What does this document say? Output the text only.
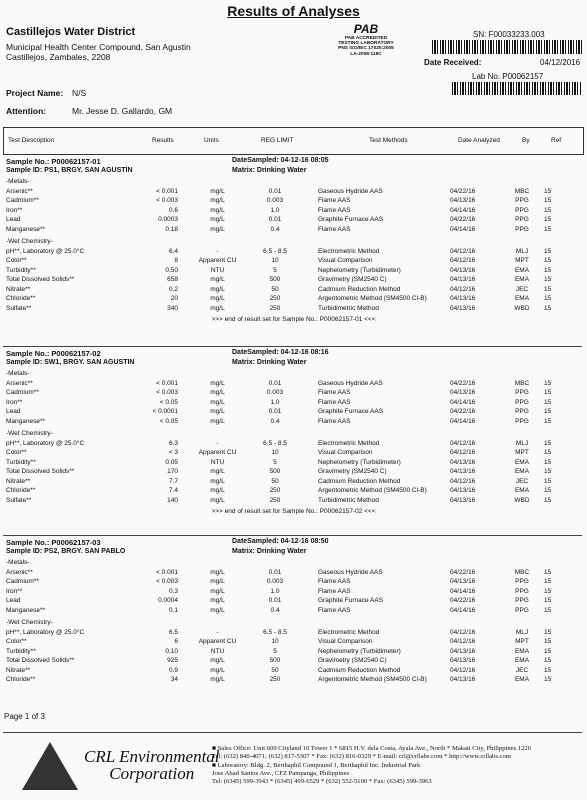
Results of Analyses
Castillejos Water District
Municipal Health Center Compound, San Agustin
Castillejos, Zambales, 2208
PAB
PAB ACCREDITED
TESTING LABORATORY
PNS ISO/IEC 17025:2005
LA-2008-118C
SN: F00033233.003
Date Received:	04/12/2016
Lab No. P00062157
Project Name: N/S
Attention:	Mr. Jesse D. Gallardo, GM
Test Description	Results	Units	REG LIMIT	Test Methods	Date Analyzed	By	Ref
Sample No.: P00062157-01	DateSampled: 04-12-16 08:05
Sample ID: PS1, BRGY. SAN AGUSTIN	Matrix: Drinking Water
-Metals-
Arsenic**	< 0.001	mg/L	0.01	Gaseous Hydride AAS	04/22/16	MBC	15
Cadmium**	< 0.003	mg/L	0.003	Flame AAS	04/13/16	PPG	15
Iron**	0.6	mg/L	1.0	Flame AAS	04/14/16	PPG	15
Lead	0.0003	mg/L	0.01	Graphite Furnace AAS	04/22/16	PPG	15
Manganese**	0.18	mg/L	0.4	Flame AAS	04/14/16	PPG	15
-Wet Chemistry-
pH**, Laboratory @ 25.0°C	6.4	-	6.5 - 8.5	Electrometric Method	04/12/16	MLJ	15
Color**	8	Apparent CU	10	Visual Comparison	04/12/16	MPT	15
Turbidity**	0.50	NTU	5	Nephelometry (Turbidimeter)	04/13/16	EMA	15
Total Dissolved Solids**	658	mg/L	500	Gravimetry (SM2540 C)	04/13/16	EMA	15
Nitrate**	0.2	mg/L	50	Cadmium Reduction Method	04/12/16	JEC	15
Chloride**	20	mg/L	250	Argentometric Method (SM4500 Cl-B)	04/13/16	EMA	15
Sulfate**	340	mg/L	250	Turbidimetric Method	04/13/16	WBD	15
>>> end of result set for Sample No.: P00062157-01 <<<
Sample No.: P00062157-02	DateSampled: 04-12-16 08:16
Sample ID: SW1, BRGY. SAN AGUSTIN	Matrix: Drinking Water
-Metals-
Arsenic**	< 0.001	mg/L	0.01	Gaseous Hydride AAS	04/22/16	MBC	15
Cadmium**	< 0.003	mg/L	0.003	Flame AAS	04/13/16	PPG	15
Iron**	< 0.05	mg/L	1.0	Flame AAS	04/14/16	PPG	15
Lead	< 0.0001	mg/L	0.01	Graphite Furnace AAS	04/22/16	PPG	15
Manganese**	< 0.05	mg/L	0.4	Flame AAS	04/14/16	PPG	15
-Wet Chemistry-
pH**, Laboratory @ 25.0°C	6.3	-	6.5 - 8.5	Electrometric Method	04/12/16	MLJ	15
Color**	< 3	Apparent CU	10	Visual Comparison	04/12/16	MPT	15
Turbidity**	0.05	NTU	5	Nephelometry (Turbidimeter)	04/13/16	EMA	15
Total Dissolved Solids**	170	mg/L	500	Gravimetry (SM2540 C)	04/13/16	EMA	15
Nitrate**	7.7	mg/L	50	Cadmium Reduction Method	04/12/16	JEC	15
Chloride**	7.4	mg/L	250	Argentometric Method (SM4500 Cl-B)	04/13/16	EMA	15
Sulfate**	140	mg/L	250	Turbidimetric Method	04/13/16	WBD	15
>>> end of result set for Sample No.: P00062157-02 <<<
Sample No.: P00062157-03	DateSampled: 04-12-16 08:50
Sample ID: PS2, BRGY. SAN PABLO	Matrix: Drinking Water
-Metals-
Arsenic**	< 0.001	mg/L	0.01	Gaseous Hydride AAS	04/22/16	MBC	15
Cadmium**	< 0.003	mg/L	0.003	Flame AAS	04/13/16	PPG	15
Iron**	0.3	mg/L	1.0	Flame AAS	04/14/16	PPG	15
Lead	0.0004	mg/L	0.01	Graphite Furnace AAS	04/22/16	PPG	15
Manganese**	0.1	mg/L	0.4	Flame AAS	04/14/16	PPG	15
-Wet Chemistry-
pH**, Laboratory @ 25.0°C	6.5	-	6.5 - 8.5	Electrometric Method	04/12/16	MLJ	15
Color**	6	Apparent CU	10	Visual Comparison	04/12/16	MPT	15
Turbidity**	0.10	NTU	5	Nephelometry (Turbidimeter)	04/13/16	EMA	15
Total Dissolved Solids**	925	mg/L	500	Gravimetry (SM2540 C)	04/13/16	EMA	15
Nitrate**	0.9	mg/L	50	Cadmium Reduction Method	04/12/16	JEC	15
Chloride**	34	mg/L	250	Argentometric Method (SM4500 Cl-B)	04/13/16	EMA	15
Page 1 of 3
CRL Environmental
Corporation
■ Sales Office: Unit 609 Cityland 10 Tower 1 * 6815 H.V. dela Costa, Ayala Ave., North * Makati City, Philippines 1226
Tel: (632) 840-4071; (632) 817-5307 * Fax: (632) 816-0329 * E-mail: crl@crllabs.com * http://www.crllabs.com
■ Laboratory: Bldg. 2, Berthaphil Compound 1, Berthaphil Inc. Industrial Park
Jose Abad Santos Ave., CFZ Pampanga, Philippines
Tel: (6345) 599-3943 * (6345) 499-6529 * (632) 552-5100 * Fax: (6345) 599-3963
